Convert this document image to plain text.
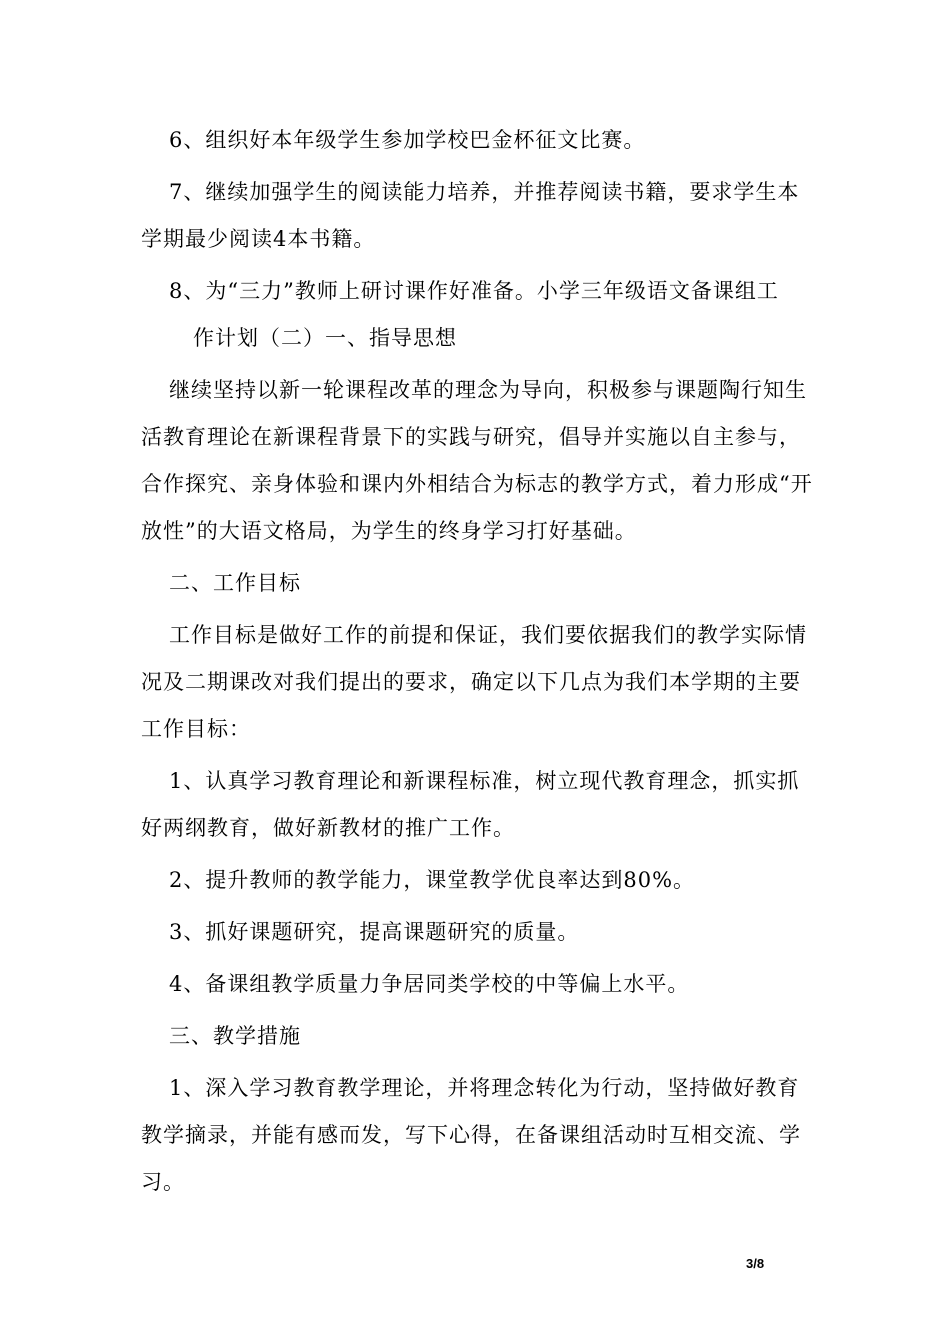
6、组织好本年级学生参加学校巴金杯征文比赛。

7、继续加强学生的阅读能力培养，并推荐阅读书籍，要求学生本学期最少阅读4本书籍。

8、为“三力”教师上研讨课作好准备。小学三年级语文备课组工

作计划（二）一、指导思想

继续坚持以新一轮课程改革的理念为导向，积极参与课题陶行知生活教育理论在新课程背景下的实践与研究，倡导并实施以自主参与，合作探究、亲身体验和课内外相结合为标志的教学方式，着力形成“开放性”的大语文格局，为学生的终身学习打好基础。

二、工作目标

工作目标是做好工作的前提和保证，我们要依据我们的教学实际情况及二期课改对我们提出的要求，确定以下几点为我们本学期的主要工作目标：

1、认真学习教育理论和新课程标准，树立现代教育理念，抓实抓好两纲教育，做好新教材的推广工作。

2、提升教师的教学能力，课堂教学优良率达到80%。

3、抓好课题研究，提高课题研究的质量。

4、备课组教学质量力争居同类学校的中等偏上水平。

三、教学措施

1、深入学习教育教学理论，并将理念转化为行动，坚持做好教育教学摘录，并能有感而发，写下心得，在备课组活动时互相交流、学习。

3/8
